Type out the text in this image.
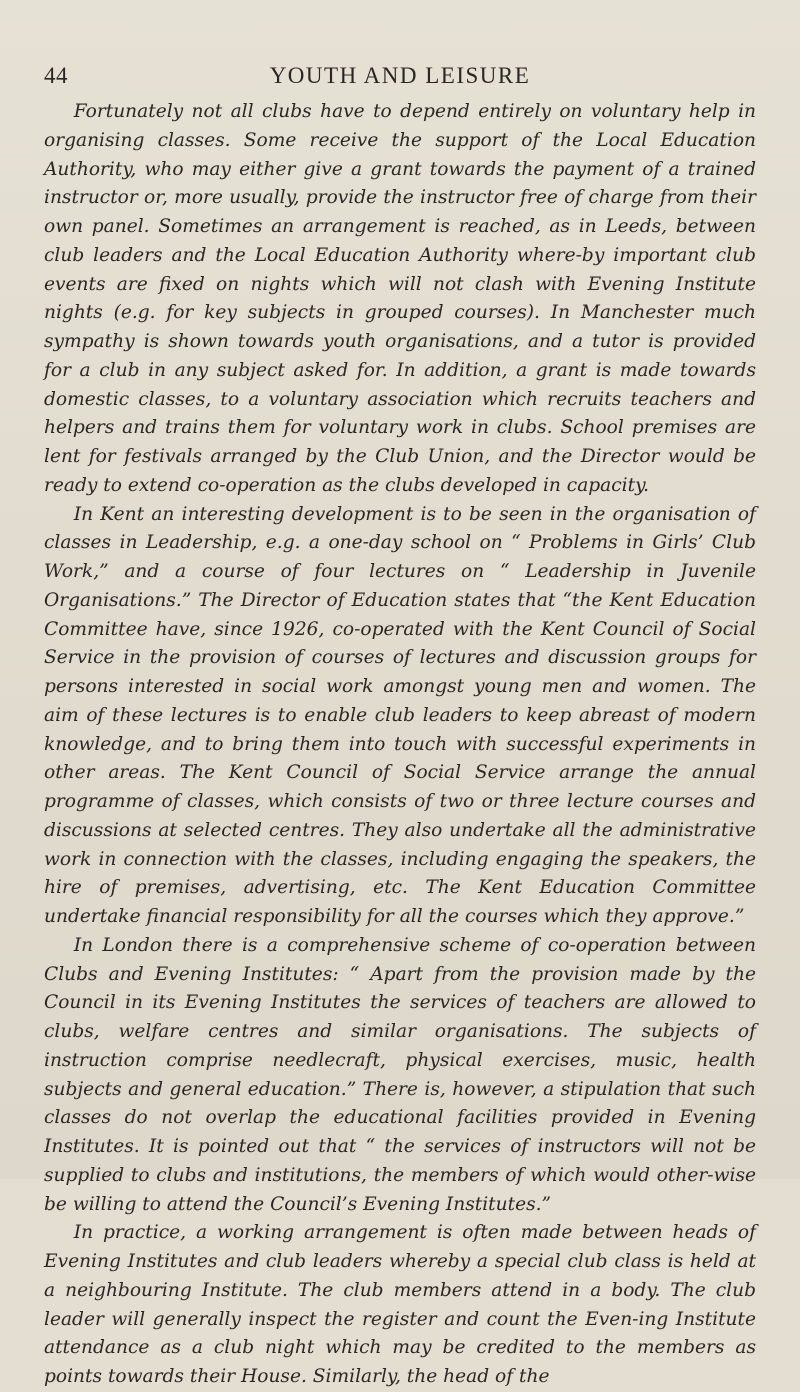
44	YOUTH AND LEISURE

Fortunately not all clubs have to depend entirely on voluntary help in organising classes. Some receive the support of the Local Education Authority, who may either give a grant towards the payment of a trained instructor or, more usually, provide the instructor free of charge from their own panel. Sometimes an arrangement is reached, as in Leeds, between club leaders and the Local Education Authority where-by important club events are fixed on nights which will not clash with Evening Institute nights (e.g. for key subjects in grouped courses). In Manchester much sympathy is shown towards youth organisations, and a tutor is provided for a club in any subject asked for. In addition, a grant is made towards domestic classes, to a voluntary association which recruits teachers and helpers and trains them for voluntary work in clubs. School premises are lent for festivals arranged by the Club Union, and the Director would be ready to extend co-operation as the clubs developed in capacity.

In Kent an interesting development is to be seen in the organisation of classes in Leadership, e.g. a one-day school on “ Problems in Girls’ Club Work,” and a course of four lectures on “ Leadership in Juvenile Organisations.” The Director of Education states that “the Kent Education Committee have, since 1926, co-operated with the Kent Council of Social Service in the provision of courses of lectures and discussion groups for persons interested in social work amongst young men and women. The aim of these lectures is to enable club leaders to keep abreast of modern knowledge, and to bring them into touch with successful experiments in other areas. The Kent Council of Social Service arrange the annual programme of classes, which consists of two or three lecture courses and discussions at selected centres. They also undertake all the administrative work in connection with the classes, including engaging the speakers, the hire of premises, advertising, etc. The Kent Education Committee undertake financial responsibility for all the courses which they approve.”

In London there is a comprehensive scheme of co-operation between Clubs and Evening Institutes: “ Apart from the provision made by the Council in its Evening Institutes the services of teachers are allowed to clubs, welfare centres and similar organisations. The subjects of instruction comprise needlecraft, physical exercises, music, health subjects and general education.” There is, however, a stipulation that such classes do not overlap the educational facilities provided in Evening Institutes. It is pointed out that “ the services of instructors will not be supplied to clubs and institutions, the members of which would other-wise be willing to attend the Council’s Evening Institutes.”

In practice, a working arrangement is often made between heads of Evening Institutes and club leaders whereby a special club class is held at a neighbouring Institute. The club members attend in a body. The club leader will generally inspect the register and count the Even-ing Institute attendance as a club night which may be credited to the members as points towards their House. Similarly, the head of the
